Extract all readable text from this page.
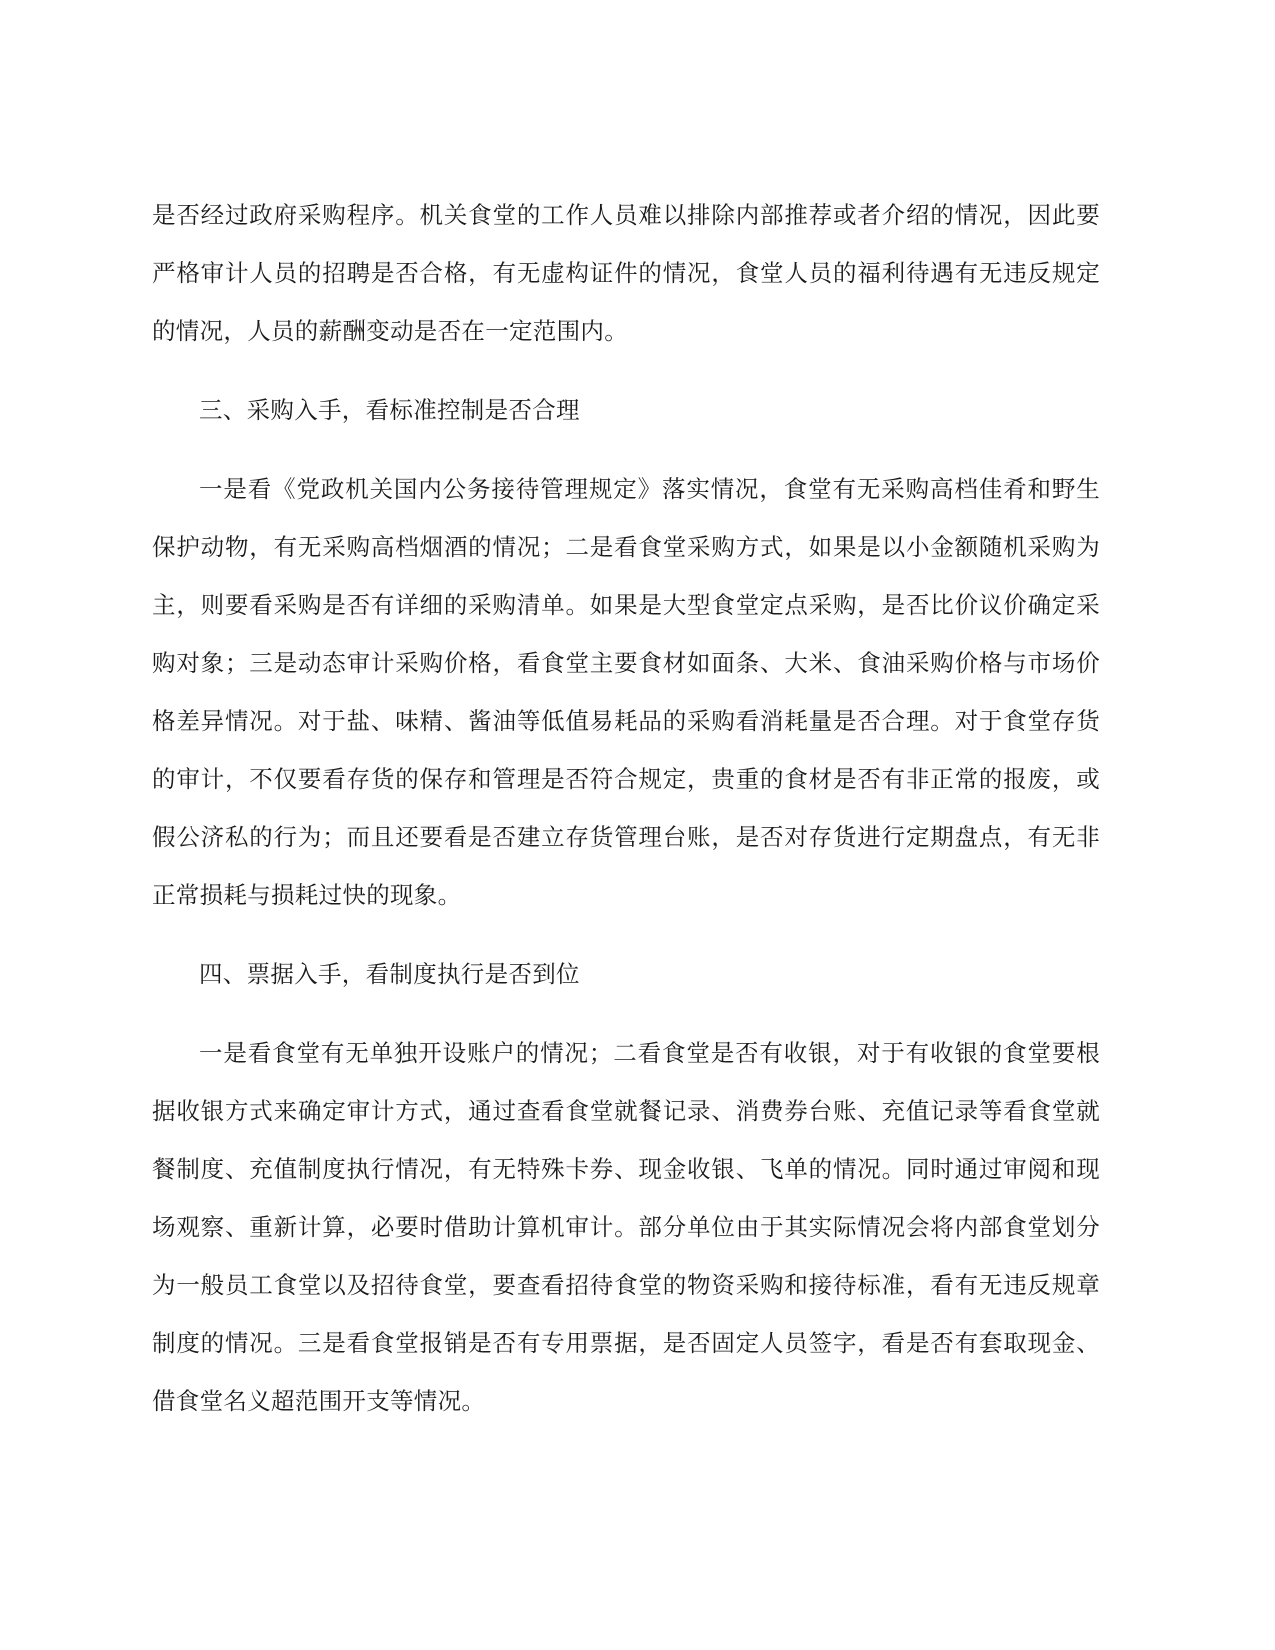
是否经过政府采购程序。机关食堂的工作人员难以排除内部推荐或者介绍的情况，因此要严格审计人员的招聘是否合格，有无虚构证件的情况，食堂人员的福利待遇有无违反规定的情况，人员的薪酬变动是否在一定范围内。

三、采购入手，看标准控制是否合理

一是看《党政机关国内公务接待管理规定》落实情况，食堂有无采购高档佳肴和野生保护动物，有无采购高档烟酒的情况；二是看食堂采购方式，如果是以小金额随机采购为主，则要看采购是否有详细的采购清单。如果是大型食堂定点采购，是否比价议价确定采购对象；三是动态审计采购价格，看食堂主要食材如面条、大米、食油采购价格与市场价格差异情况。对于盐、味精、酱油等低值易耗品的采购看消耗量是否合理。对于食堂存货的审计，不仅要看存货的保存和管理是否符合规定，贵重的食材是否有非正常的报废，或假公济私的行为；而且还要看是否建立存货管理台账，是否对存货进行定期盘点，有无非正常损耗与损耗过快的现象。

四、票据入手，看制度执行是否到位

一是看食堂有无单独开设账户的情况；二看食堂是否有收银，对于有收银的食堂要根据收银方式来确定审计方式，通过查看食堂就餐记录、消费券台账、充值记录等看食堂就餐制度、充值制度执行情况，有无特殊卡券、现金收银、飞单的情况。同时通过审阅和现场观察、重新计算，必要时借助计算机审计。部分单位由于其实际情况会将内部食堂划分为一般员工食堂以及招待食堂，要查看招待食堂的物资采购和接待标准，看有无违反规章制度的情况。三是看食堂报销是否有专用票据，是否固定人员签字，看是否有套取现金、借食堂名义超范围开支等情况。
